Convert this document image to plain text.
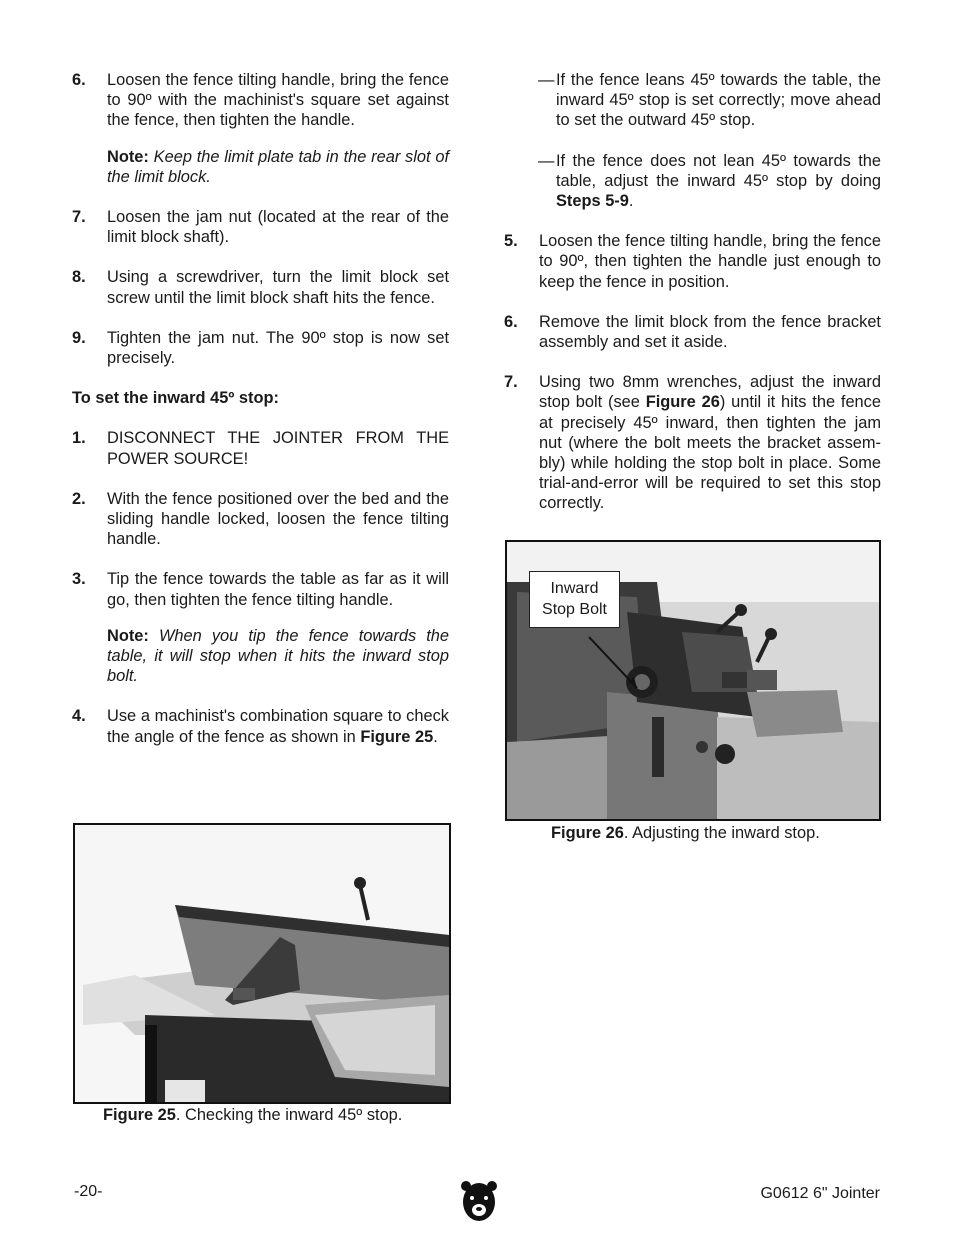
6.	Loosen the fence tilting handle, bring the fence to 90º with the machinist's square set against the fence, then tighten the handle.
Note: Keep the limit plate tab in the rear slot of the limit block.
7.	Loosen the jam nut (located at the rear of the limit block shaft).
8.	Using a screwdriver, turn the limit block set screw until the limit block shaft hits the fence.
9.	Tighten the jam nut. The 90º stop is now set precisely.
To set the inward 45º stop:
1.	DISCONNECT THE JOINTER FROM THE POWER SOURCE!
2.	With the fence positioned over the bed and the sliding handle locked, loosen the fence tilting handle.
3.	Tip the fence towards the table as far as it will go, then tighten the fence tilting handle.
Note: When you tip the fence towards the table, it will stop when it hits the inward stop bolt.
4.	Use a machinist's combination square to check the angle of the fence as shown in Figure 25.
— If the fence leans 45º towards the table, the inward 45º stop is set correctly; move ahead to set the outward 45º stop.
— If the fence does not lean 45º towards the table, adjust the inward 45º stop by doing Steps 5-9.
5.	Loosen the fence tilting handle, bring the fence to 90º, then tighten the handle just enough to keep the fence in position.
6.	Remove the limit block from the fence bracket assembly and set it aside.
7.	Using two 8mm wrenches, adjust the inward stop bolt (see Figure 26) until it hits the fence at precisely 45º inward, then tighten the jam nut (where the bolt meets the bracket assem-bly) while holding the stop bolt in place. Some trial-and-error will be required to set this stop correctly.
Inward
Stop Bolt
Figure 26. Adjusting the inward stop.
Figure 25. Checking the inward 45º stop.
-20-	G0612 6" Jointer
